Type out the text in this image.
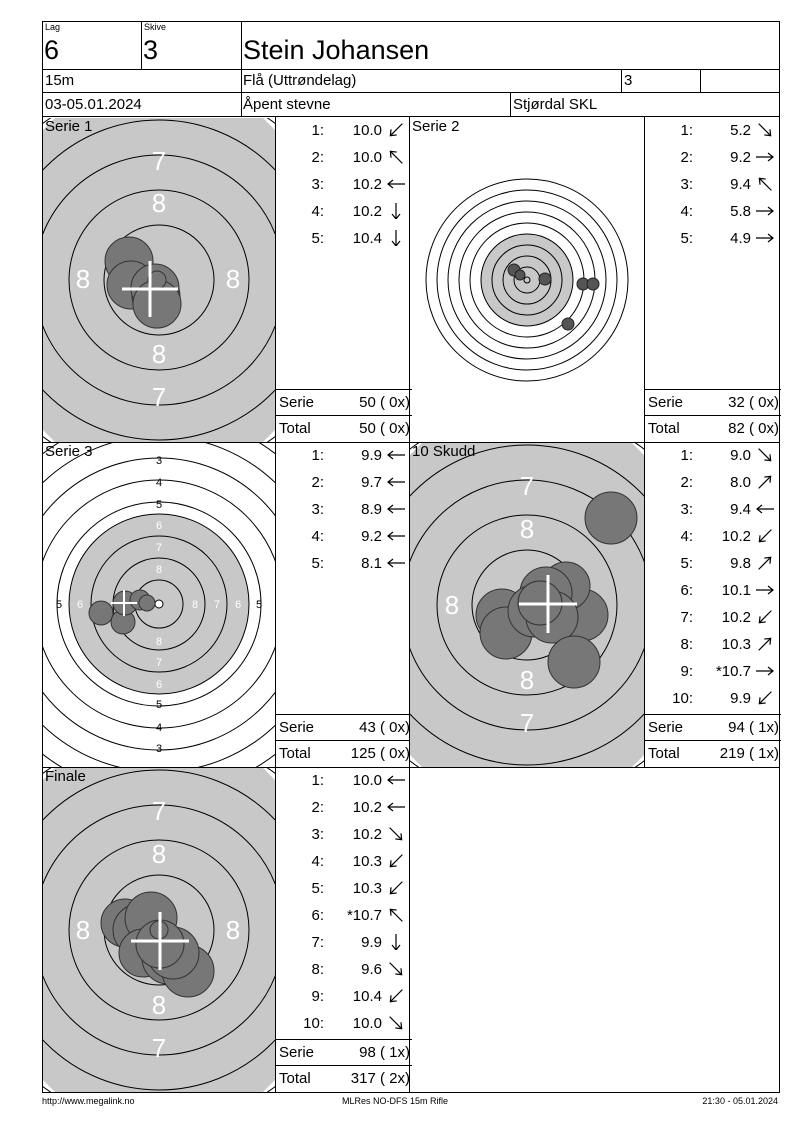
Lag
6
Skive
3	Stein Johansen
15m	Flå (Uttrøndelag)	3
03-05.01.2024	Åpent stevne	Stjørdal SKL
7
8
8	8
8
7
Serie 1	1: 10.0
2: 10.0
3: 10.2
4: 10.2
5: 10.4
Serie	50 ( 0x)
Total	50 ( 0x)
Serie 2	1: 5.2
2: 9.2
3: 9.4
4: 5.8
5: 4.9
Serie	32 ( 0x)
Total	82 ( 0x)
3
4
5
5
4
3
5	5
6
7
8
8
7
6
6	8 7 6
Serie 3	1: 9.9
2: 9.7
3: 8.9
4: 9.2
5: 8.1
Serie	43 ( 0x)
Total	125 ( 0x)
7
8
8
8
7
10 Skudd	1: 9.0
2: 8.0
3: 9.4
4: 10.2
5: 9.8
6: 10.1
7: 10.2
8: 10.3
9: *10.7
10: 9.9
Serie	94 ( 1x)
Total	219 ( 1x)
7
8
8	8
8
7
Finale	1: 10.0
2: 10.2
3: 10.2
4: 10.3
5: 10.3
6: *10.7
7: 9.9
8: 9.6
9: 10.4
10: 10.0
Serie	98 ( 1x)
Total	317 ( 2x)
http://www.megalink.no	MLRes NO-DFS 15m Rifle	21:30 - 05.01.2024
